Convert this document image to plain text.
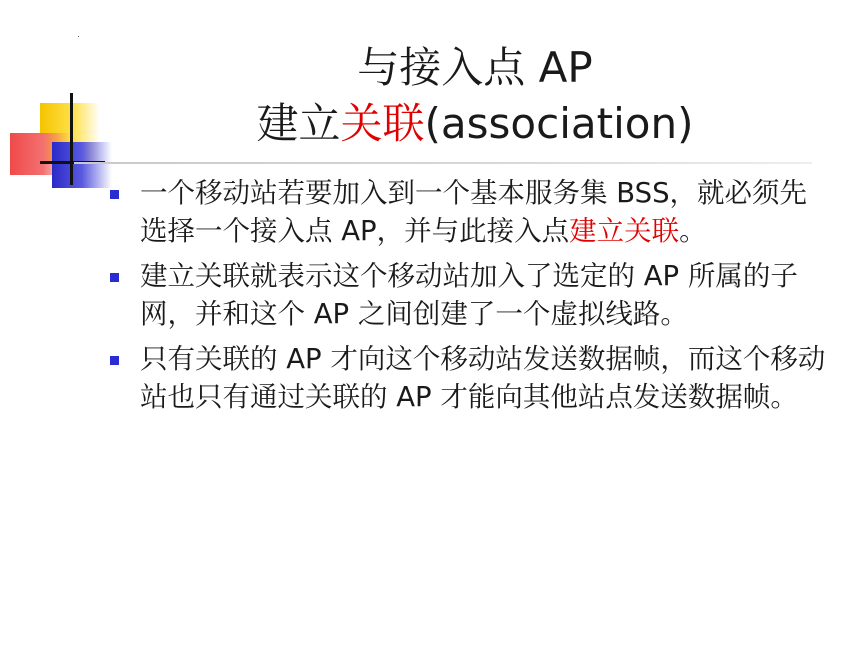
与接入点 AP
建立关联(association)
一个移动站若要加入到一个基本服务集 BSS，就必须先选择一个接入点 AP，并与此接入点建立关联。
建立关联就表示这个移动站加入了选定的 AP 所属的子网，并和这个 AP 之间创建了一个虚拟线路。
只有关联的 AP 才向这个移动站发送数据帧，而这个移动站也只有通过关联的 AP 才能向其他站点发送数据帧。
